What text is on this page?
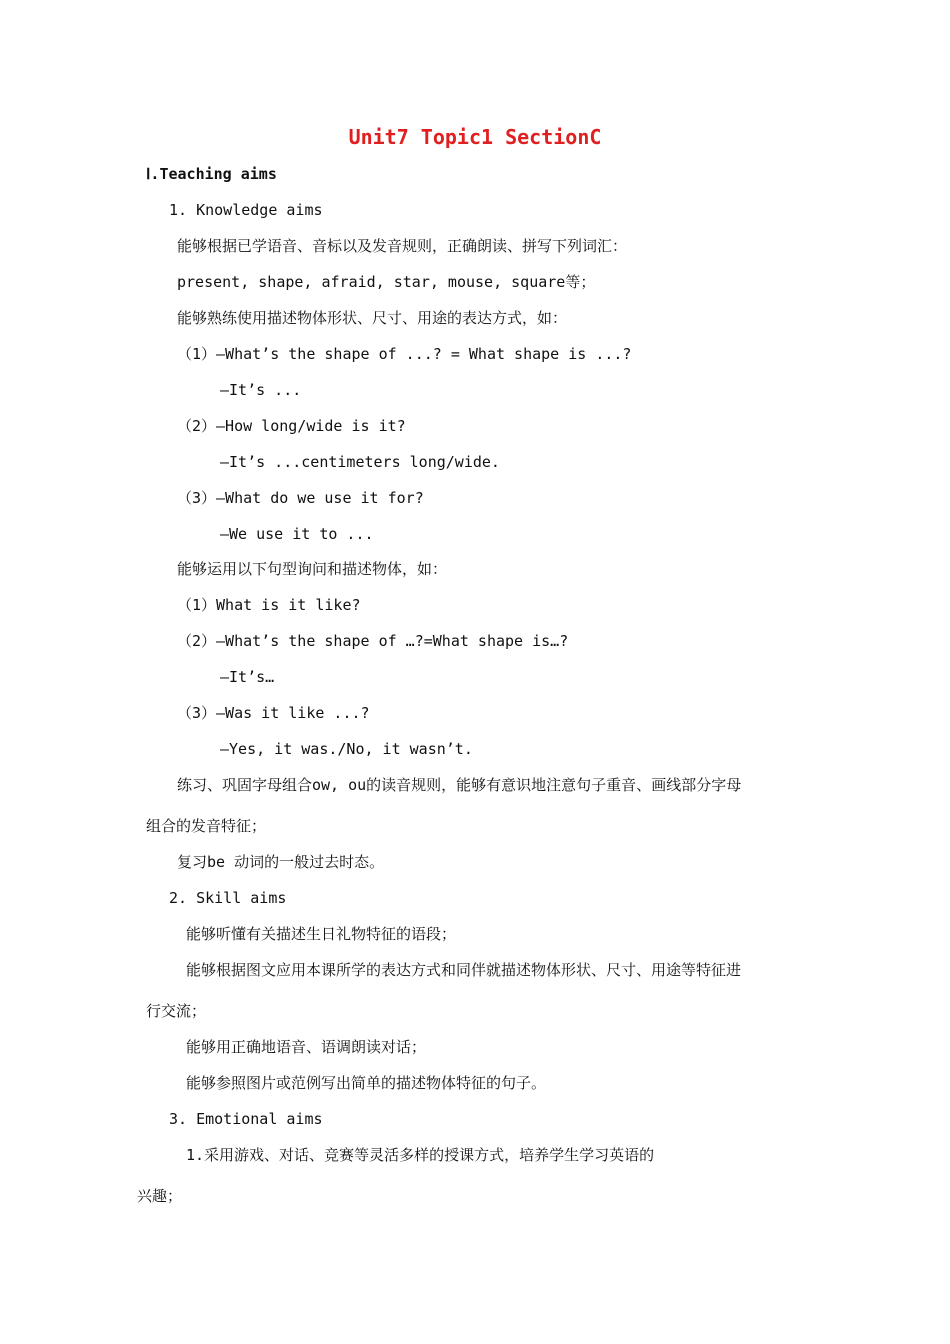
Unit7 Topic1 SectionC
Ⅰ.Teaching aims
1. Knowledge aims
能够根据已学语音、音标以及发音规则，正确朗读、拼写下列词汇：
present, shape, afraid, star, mouse, square等；
能够熟练使用描述物体形状、尺寸、用途的表达方式，如：
（1）—What’s the shape of ...? = What shape is ...?
—It’s ...
（2）—How long/wide is it?
—It’s ...centimeters long/wide.
（3）—What do we use it for?
—We use it to ...
能够运用以下句型询问和描述物体，如：
（1）What is it like?
（2）—What’s the shape of …?=What shape is…?
—It’s…
（3）—Was it like ...?
—Yes, it was./No, it wasn’t.
练习、巩固字母组合ow, ou的读音规则，能够有意识地注意句子重音、画线部分字母
组合的发音特征；
复习be 动词的一般过去时态。
2. Skill aims
能够听懂有关描述生日礼物特征的语段；
能够根据图文应用本课所学的表达方式和同伴就描述物体形状、尺寸、用途等特征进
行交流；
能够用正确地语音、语调朗读对话；
能够参照图片或范例写出简单的描述物体特征的句子。
3. Emotional aims
1.采用游戏、对话、竞赛等灵活多样的授课方式，培养学生学习英语的
兴趣；
